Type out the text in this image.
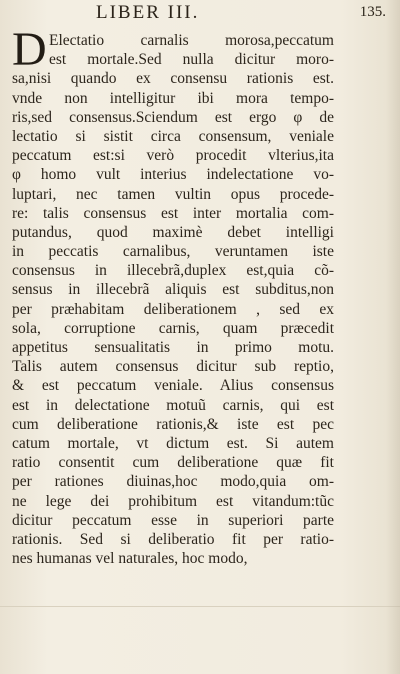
LIBER III.	135.
D Electatio carnalis morosa,peccatum
est mortale.Sed nulla dicitur moro-
sa,nisi quando ex consensu rationis est.
vnde non intelligitur ibi mora tempo-
ris,sed consensus.Sciendum est ergo φ de
lectatio si sistit circa consensum, veniale
peccatum est:si verò procedit vlterius,ita
φ homo vult interius indelectatione vo-
luptari, nec tamen vultin opus procede-
re: talis consensus est inter mortalia com-
putandus, quod maximè debet intelligi
in peccatis carnalibus, veruntamen iste
consensus in illecebrã,duplex est,quia cõ-
sensus in illecebrã aliquis est subditus,non
per præhabitam deliberationem , sed ex
sola, corruptione carnis, quam præcedit
appetitus sensualitatis in primo motu.
Talis autem consensus dicitur sub reptio,
& est peccatum veniale. Alius consensus
est in delectatione motuũ carnis, qui est
cum deliberatione rationis,& iste est pec
catum mortale, vt dictum est. Si autem
ratio consentit cum deliberatione quæ fit
per rationes diuinas,hoc modo,quia om-
ne lege dei prohibitum est vitandum:tũc
dicitur peccatum esse in superiori parte
rationis. Sed si deliberatio fit per ratio-
nes humanas vel naturales, hoc modo,
